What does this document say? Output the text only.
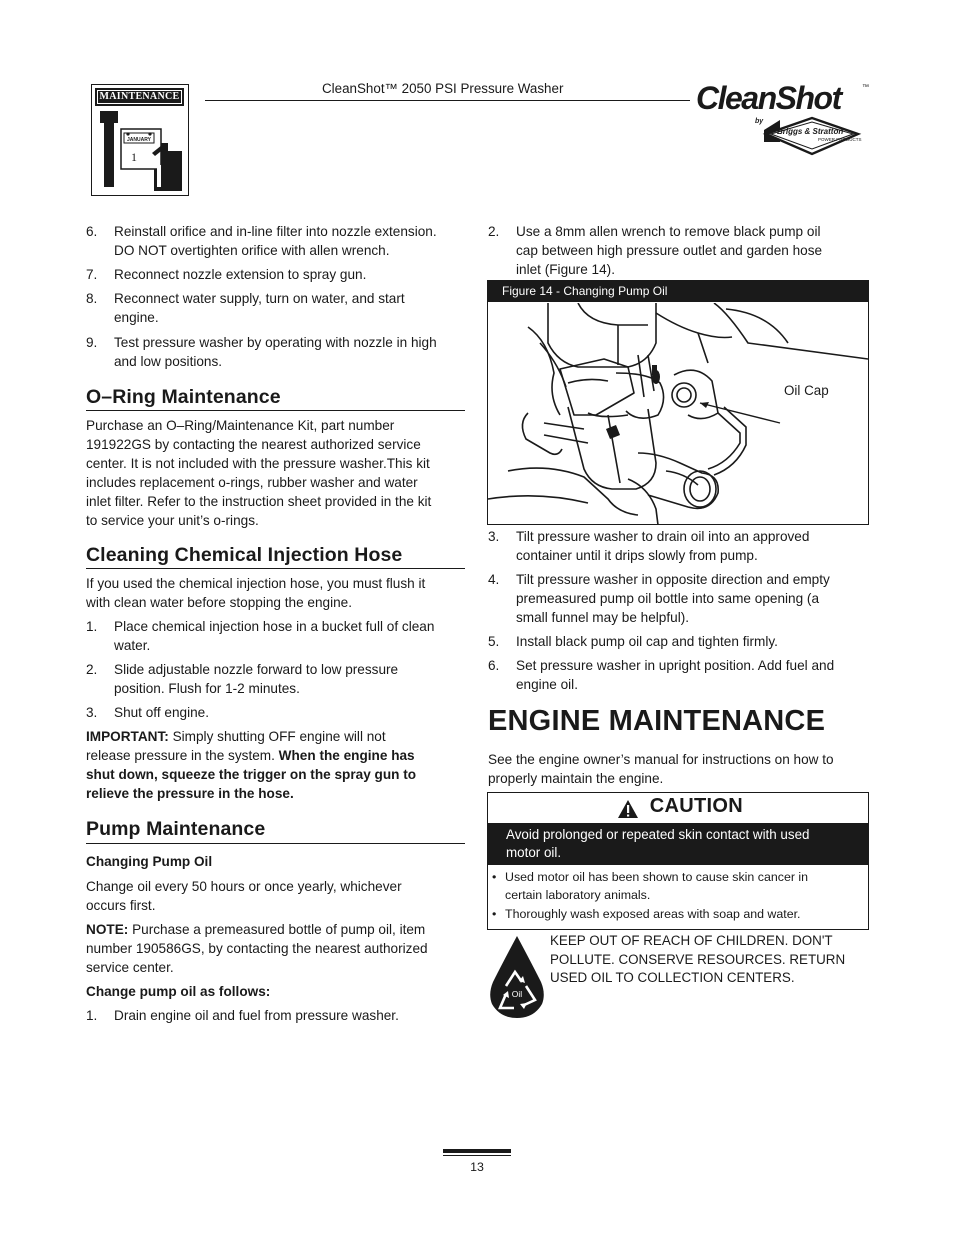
MAINTENANCE
JANUARY
1
CleanShot™ 2050 PSI Pressure Washer	CleanShot	™
by
Briggs & Stratton
POWER PRODUCTS
6. Reinstall orifice and in-line filter into nozzle extension.
DO NOT overtighten orifice with allen wrench.
7. Reconnect nozzle extension to spray gun.
8. Reconnect water supply, turn on water, and start
engine.
9. Test pressure washer by operating with nozzle in high
and low positions.
O–Ring Maintenance
Purchase an O–Ring/Maintenance Kit, part number
191922GS by contacting the nearest authorized service
center. It is not included with the pressure washer.This kit
includes replacement o-rings, rubber washer and water
inlet filter. Refer to the instruction sheet provided in the kit
to service your unit’s o-rings.
Cleaning Chemical Injection Hose
If you used the chemical injection hose, you must flush it
with clean water before stopping the engine.
1. Place chemical injection hose in a bucket full of clean
water.
2. Slide adjustable nozzle forward to low pressure
position. Flush for 1-2 minutes.
3. Shut off engine.
IMPORTANT: Simply shutting OFF engine will not
release pressure in the system. When the engine has
shut down, squeeze the trigger on the spray gun to
relieve the pressure in the hose.
Pump Maintenance
Changing Pump Oil
Change oil every 50 hours or once yearly, whichever
occurs first.
NOTE: Purchase a premeasured bottle of pump oil, item
number 190586GS, by contacting the nearest authorized
service center.
Change pump oil as follows:
1. Drain engine oil and fuel from pressure washer.
2. Use a 8mm allen wrench to remove black pump oil
cap between high pressure outlet and garden hose
inlet (Figure 14).
Figure 14 - Changing Pump Oil
Oil Cap
3. Tilt pressure washer to drain oil into an approved
container until it drips slowly from pump.
4. Tilt pressure washer in opposite direction and empty
premeasured pump oil bottle into same opening (a
small funnel may be helpful).
5. Install black pump oil cap and tighten firmly.
6. Set pressure washer in upright position. Add fuel and
engine oil.
ENGINE MAINTENANCE
See the engine owner’s manual for instructions on how to
properly maintain the engine.
CAUTION
Avoid prolonged or repeated skin contact with used
motor oil.
• Used motor oil has been shown to cause skin cancer in
certain laboratory animals.
• Thoroughly wash exposed areas with soap and water.
Oil
KEEP OUT OF REACH OF CHILDREN. DON'T
POLLUTE. CONSERVE RESOURCES. RETURN
USED OIL TO COLLECTION CENTERS.
13
